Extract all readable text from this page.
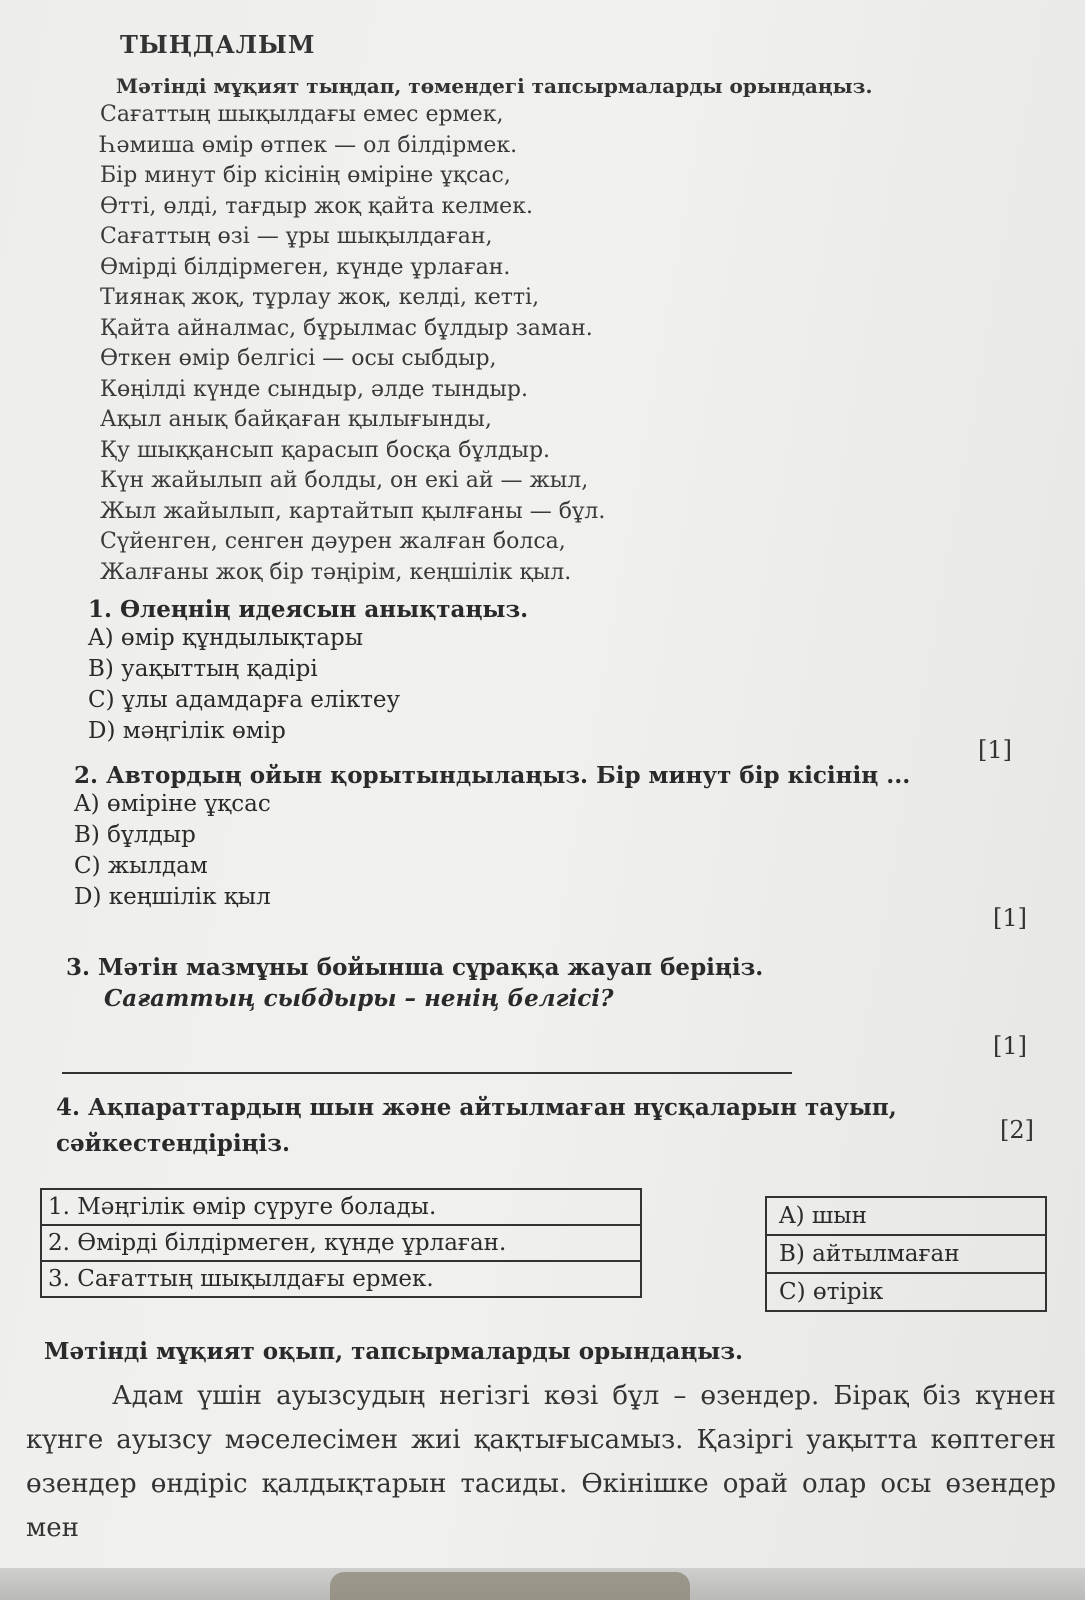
ТЫҢДАЛЫМ
Мәтінді мұқият тыңдап, төмендегі тапсырмаларды орындаңыз.
Сағаттың шықылдағы емес ермек,
Һәмиша өмір өтпек — ол білдірмек.
Бір минут бір кісінің өміріне ұқсас,
Өтті, өлді, тағдыр жоқ қайта келмек.
Сағаттың өзі — ұры шықылдаған,
Өмірді білдірмеген, күнде ұрлаған.
Тиянақ жоқ, тұрлау жоқ, келді, кетті,
Қайта айналмас, бұрылмас бұлдыр заман.
Өткен өмір белгісі — осы сыбдыр,
Көңілді күнде сындыр, әлде тындыр.
Ақыл анық байқаған қылығынды,
Қу шыққансып қарасып босқа бұлдыр.
Күн жайылып ай болды, он екі ай — жыл,
Жыл жайылып, картайтып қылғаны — бұл.
Сүйенген, сенген дәурен жалған болса,
Жалғаны жоқ бір тәңірім, кеңшілік қыл.
1. Өлеңнің идеясын анықтаңыз.
A) өмір құндылықтары
B) уақыттың қадірі
C) ұлы адамдарға еліктеу
D) мәңгілік өмір
[1]
2. Автордың ойын қорытындылаңыз. Бір минут бір кісінің ...
A) өміріне ұқсас
B) бұлдыр
C) жылдам
D) кеңшілік қыл
[1]
3. Мәтін мазмұны бойынша сұраққа жауап беріңіз.
Сағаттың сыбдыры – ненің белгісі?
[1]
4. Ақпараттардың шын және айтылмаған нұсқаларын тауып, сәйкестендіріңіз.	[2]
1. Мәңгілік өмір сүруге болады.
2. Өмірді білдірмеген, күнде ұрлаған.
3. Сағаттың шықылдағы ермек.
A) шын
B) айтылмаған
C) өтірік
Мәтінді мұқият оқып, тапсырмаларды орындаңыз.
Адам үшін ауызсудың негізгі көзі бұл – өзендер. Бірақ біз күнен күнге ауызсу мәселесімен жиі қақтығысамыз. Қазіргі уақытта көптеген өзендер өндіріс қалдықтарын тасиды. Өкінішке орай олар осы өзендер мен
